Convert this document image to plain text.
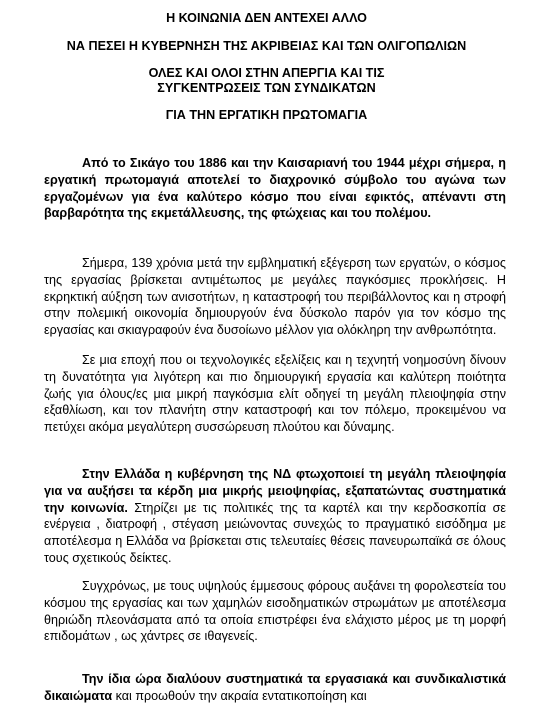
Η ΚΟΙΝΩΝΙΑ ΔΕΝ ΑΝΤΕΧΕΙ ΑΛΛΟ

ΝΑ ΠΕΣΕΙ Η ΚΥΒΕΡΝΗΣΗ ΤΗΣ ΑΚΡΙΒΕΙΑΣ ΚΑΙ ΤΩΝ ΟΛΙΓΟΠΩΛΙΩΝ

ΟΛΕΣ ΚΑΙ ΟΛΟΙ ΣΤΗΝ ΑΠΕΡΓΙΑ ΚΑΙ ΤΙΣ ΣΥΓΚΕΝΤΡΩΣΕΙΣ ΤΩΝ ΣΥΝΔΙΚΑΤΩΝ

ΓΙΑ ΤΗΝ ΕΡΓΑΤΙΚΗ ΠΡΩΤΟΜΑΓΙΑ

Από το Σικάγο του 1886 και την Καισαριανή του 1944 μέχρι σήμερα, η εργατική πρωτομαγιά αποτελεί το διαχρονικό σύμβολο του αγώνα των εργαζομένων για ένα καλύτερο κόσμο που είναι εφικτός, απέναντι στη βαρβαρότητα της εκμετάλλευσης, της φτώχειας και του πολέμου.

Σήμερα, 139 χρόνια μετά την εμβληματική εξέγερση των εργατών, ο κόσμος της εργασίας βρίσκεται αντιμέτωπος με μεγάλες παγκόσμιες προκλήσεις. Η εκρηκτική αύξηση των ανισοτήτων, η καταστροφή του περιβάλλοντος και η στροφή στην πολεμική οικονομία δημιουργούν ένα δύσκολο παρόν για τον κόσμο της εργασίας και σκιαγραφούν ένα δυσοίωνο μέλλον για ολόκληρη την ανθρωπότητα.

Σε μια εποχή που οι τεχνολογικές εξελίξεις και η τεχνητή νοημοσύνη δίνουν τη δυνατότητα για λιγότερη και πιο δημιουργική εργασία και καλύτερη ποιότητα ζωής για όλους/ες μια μικρή παγκόσμια ελίτ οδηγεί τη μεγάλη πλειοψηφία στην εξαθλίωση, και τον πλανήτη στην καταστροφή και τον πόλεμο, προκειμένου να πετύχει ακόμα μεγαλύτερη συσσώρευση πλούτου και δύναμης.

Στην Ελλάδα η κυβέρνηση της ΝΔ φτωχοποιεί τη μεγάλη πλειοψηφία για να αυξήσει τα κέρδη μια μικρής μειοψηφίας, εξαπατώντας συστηματικά την κοινωνία. Στηρίζει με τις πολιτικές της τα καρτέλ και την κερδοσκοπία σε ενέργεια , διατροφή , στέγαση μειώνοντας συνεχώς το πραγματικό εισόδημα με αποτέλεσμα η Ελλάδα να βρίσκεται στις τελευταίες θέσεις πανευρωπαϊκά σε όλους τους σχετικούς δείκτες.

Συγχρόνως, με τους υψηλούς έμμεσους φόρους αυξάνει τη φορολεστεία του κόσμου της εργασίας και των χαμηλών εισοδηματικών στρωμάτων με αποτέλεσμα θηριώδη πλεονάσματα από τα οποία επιστρέφει ένα ελάχιστο μέρος με τη μορφή επιδομάτων , ως χάντρες σε ιθαγενείς.

Την ίδια ώρα διαλύουν συστηματικά τα εργασιακά και συνδικαλιστικά δικαιώματα και προωθούν την ακραία εντατικοποίηση και
